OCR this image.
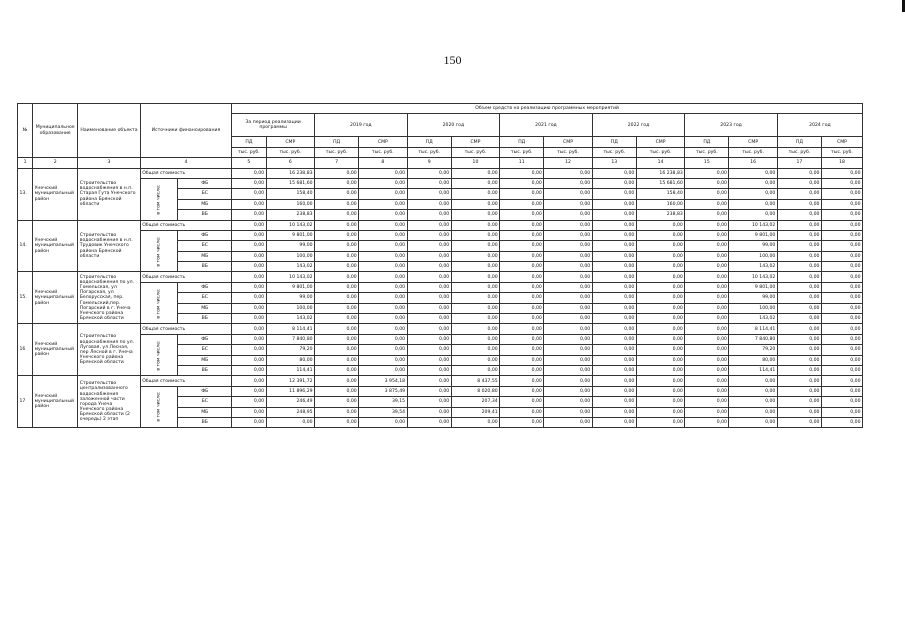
150
№	Муниципальное образование	Наименование объекта	Источники финансирования		Объем средств на реализацию программных мероприятий													
					За период реализации программы		2019 год		2020 год		2021 год		2022 год		2023 год		2024 год	
					ПД	СМР	ПД	СМР	ПД	СМР	ПД	СМР	ПД	СМР	ПД	СМР	ПД	СМР
					тыс. руб.	тыс. руб.	тыс. руб.	тыс. руб.	тыс. руб.	тыс. руб.	тыс. руб.	тыс. руб.	тыс. руб.	тыс. руб.	тыс. руб.	тыс. руб.	тыс. руб.	тыс. руб.
1	2	3	4		5	6	7	8	9	10	11	12	13	14	15	16	17	18
13.	Унечский муниципальный район	Строительство водоснабжения в н.п. Старая Гута Унечского района Брянской области	Общая стоимость		0,00	16 238,83	0,00	0,00	0,00	0,00	0,00	0,00	0,00	16 238,83	0,00	0,00	0,00	0,00
			в том числе:	ФБ	0,00	15 681,60	0,00	0,00	0,00	0,00	0,00	0,00	0,00	15 681,60	0,00	0,00	0,00	0,00
				БС	0,00	158,40	0,00	0,00	0,00	0,00	0,00	0,00	0,00	158,40	0,00	0,00	0,00	0,00
				МБ	0,00	160,00	0,00	0,00	0,00	0,00	0,00	0,00	0,00	160,00	0,00	0,00	0,00	0,00
				ВБ	0,00	238,83	0,00	0,00	0,00	0,00	0,00	0,00	0,00	238,83	0,00	0,00	0,00	0,00
14.	Унечский муниципальный район	Строительство водоснабжения в н.п. Трудовик Унечского района Брянской области	Общая стоимость		0,00	10 143,02	0,00	0,00	0,00	0,00	0,00	0,00	0,00	0,00	0,00	10 143,02	0,00	0,00
			в том числе:	ФБ	0,00	9 801,00	0,00	0,00	0,00	0,00	0,00	0,00	0,00	0,00	0,00	9 801,00	0,00	0,00
				БС	0,00	99,00	0,00	0,00	0,00	0,00	0,00	0,00	0,00	0,00	0,00	99,00	0,00	0,00
				МБ	0,00	100,00	0,00	0,00	0,00	0,00	0,00	0,00	0,00	0,00	0,00	100,00	0,00	0,00
				ВБ	0,00	143,02	0,00	0,00	0,00	0,00	0,00	0,00	0,00	0,00	0,00	143,02	0,00	0,00
15.	Унечский муниципальный район	Строительство водоснабжения по ул. Гомельская, ул Погарская, ул Белорусская, пер. Гомельский,пер. Погарский в г. Унеча Унечского района Брянской области	Общая стоимость		0,00	10 143,02	0,00	0,00	0,00	0,00	0,00	0,00	0,00	0,00	0,00	10 143,02	0,00	0,00
			в том числе:	ФБ	0,00	9 801,00	0,00	0,00	0,00	0,00	0,00	0,00	0,00	0,00	0,00	9 801,00	0,00	0,00
				БС	0,00	99,00	0,00	0,00	0,00	0,00	0,00	0,00	0,00	0,00	0,00	99,00	0,00	0,00
				МБ	0,00	100,00	0,00	0,00	0,00	0,00	0,00	0,00	0,00	0,00	0,00	100,00	0,00	0,00
				ВБ	0,00	143,02	0,00	0,00	0,00	0,00	0,00	0,00	0,00	0,00	0,00	143,02	0,00	0,00
16	Унечский муниципальный район	Строительство водоснабжения по ул. Луговая, ул Лесная, пер Лесной в г. Унеча Унечского района Брянской области	Общая стоимость		0,00	8 114,41	0,00	0,00	0,00	0,00	0,00	0,00	0,00	0,00	0,00	8 114,41	0,00	0,00
			в том числе:	ФБ	0,00	7 840,80	0,00	0,00	0,00	0,00	0,00	0,00	0,00	0,00	0,00	7 840,80	0,00	0,00
				БС	0,00	79,20	0,00	0,00	0,00	0,00	0,00	0,00	0,00	0,00	0,00	79,20	0,00	0,00
				МБ	0,00	80,00	0,00	0,00	0,00	0,00	0,00	0,00	0,00	0,00	0,00	80,00	0,00	0,00
				ВБ	0,00	114,41	0,00	0,00	0,00	0,00	0,00	0,00	0,00	0,00	0,00	114,41	0,00	0,00
17	Унечский муниципальный район	Строительство централизованного водоснабжения заложенной части города Унеча Унечского района Брянской области (2 очередь) 2 этап	Общая стоимость		0,00	12 391,72	0,00	3 954,18	0,00	8 437,55	0,00	0,00	0,00	0,00	0,00	0,00	0,00	0,00
			в том числе:	ФБ	0,00	11 896,29	0,00	3 875,49	0,00	8 020,80	0,00	0,00	0,00	0,00	0,00	0,00	0,00	0,00
				БС	0,00	246,49	0,00	39,15	0,00	207,34	0,00	0,00	0,00	0,00	0,00	0,00	0,00	0,00
				МБ	0,00	248,95	0,00	39,54	0,00	209,41	0,00	0,00	0,00	0,00	0,00	0,00	0,00	0,00
				ВБ	0,00	0,00	0,00	0,00	0,00	0,00	0,00	0,00	0,00	0,00	0,00	0,00	0,00	0,00
